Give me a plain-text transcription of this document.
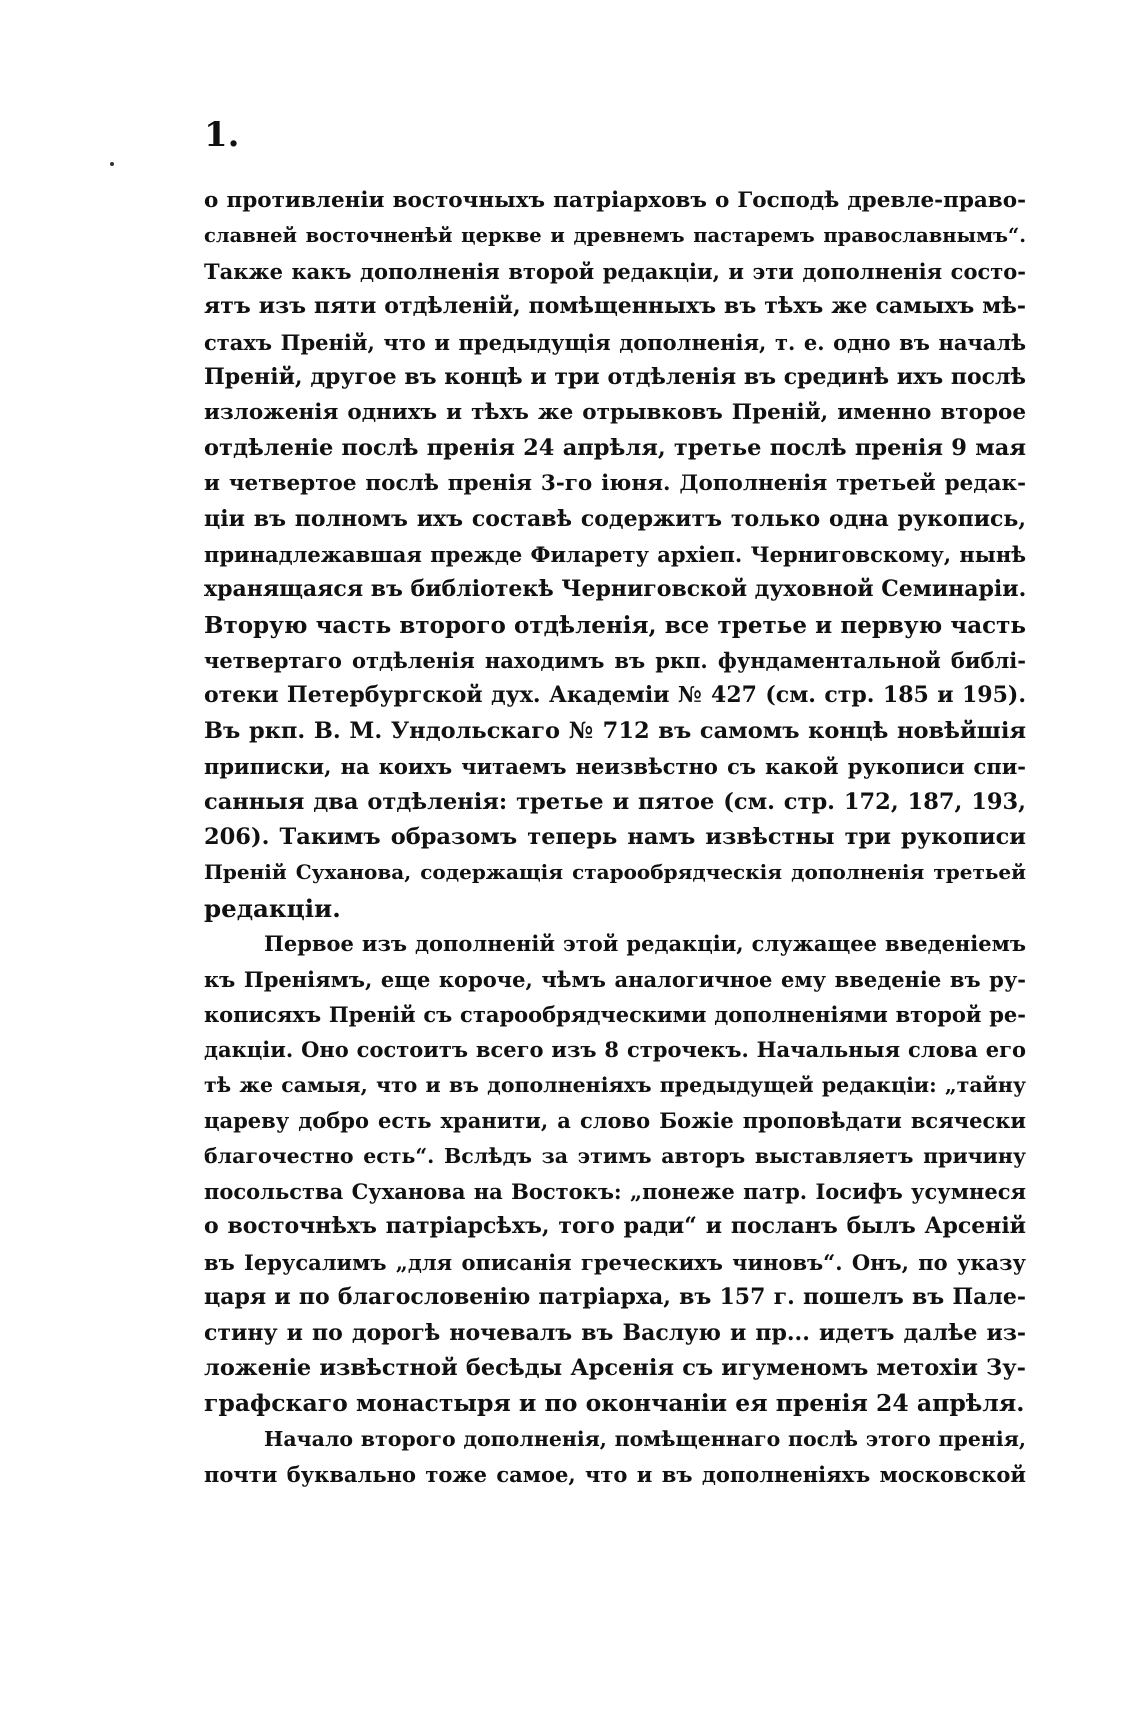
1.
о противленіи восточныхъ патріарховъ о Господѣ древле-право-
славней восточненѣй церкве и древнемъ пастаремъ православнымъ“.
Также какъ дополненія второй редакціи, и эти дополненія состо-
ятъ изъ пяти отдѣленій, помѣщенныхъ въ тѣхъ же самыхъ мѣ-
стахъ Преній, что и предыдущія дополненія, т. е. одно въ началѣ
Преній, другое въ концѣ и три отдѣленія въ срединѣ ихъ послѣ
изложенія однихъ и тѣхъ же отрывковъ Преній, именно второе
отдѣленіе послѣ пренія 24 апрѣля, третье послѣ пренія 9 мая
и четвертое послѣ пренія 3-го іюня. Дополненія третьей редак-
ціи въ полномъ ихъ составѣ содержитъ только одна рукопись,
принадлежавшая прежде Филарету архіеп. Черниговскому, нынѣ
хранящаяся въ библіотекѣ Черниговской духовной Семинаріи.
Вторую часть второго отдѣленія, все третье и первую часть
четвертаго отдѣленія находимъ въ ркп. фундаментальной библі-
отеки Петербургской дух. Академіи № 427 (см. стр. 185 и 195).
Въ ркп. В. М. Ундольскаго № 712 въ самомъ концѣ новѣйшія
приписки, на коихъ читаемъ неизвѣстно съ какой рукописи спи-
санныя два отдѣленія: третье и пятое (см. стр. 172, 187, 193,
206). Такимъ образомъ теперь намъ извѣстны три рукописи
Преній Суханова, содержащія старообрядческія дополненія третьей
редакціи.
Первое изъ дополненій этой редакціи, служащее введеніемъ
къ Преніямъ, еще короче, чѣмъ аналогичное ему введеніе въ ру-
кописяхъ Преній съ старообрядческими дополненіями второй ре-
дакціи. Оно состоитъ всего изъ 8 строчекъ. Начальныя слова его
тѣ же самыя, что и въ дополненіяхъ предыдущей редакціи: „тайну
цареву добро есть хранити, а слово Божіе проповѣдати всячески
благочестно есть“. Вслѣдъ за этимъ авторъ выставляетъ причину
посольства Суханова на Востокъ: „понеже патр. Іосифъ усумнеся
о восточнѣхъ патріарсѣхъ, того ради“ и посланъ былъ Арсеній
въ Іерусалимъ „для описанія греческихъ чиновъ“. Онъ, по указу
царя и по благословенію патріарха, въ 157 г. пошелъ въ Пале-
стину и по дорогѣ ночевалъ въ Васлую и пр... идетъ далѣе из-
ложеніе извѣстной бесѣды Арсенія съ игуменомъ метохіи Зу-
графскаго монастыря и по окончаніи ея пренія 24 апрѣля.
Начало второго дополненія, помѣщеннаго послѣ этого пренія,
почти буквально тоже самое, что и въ дополненіяхъ московской
